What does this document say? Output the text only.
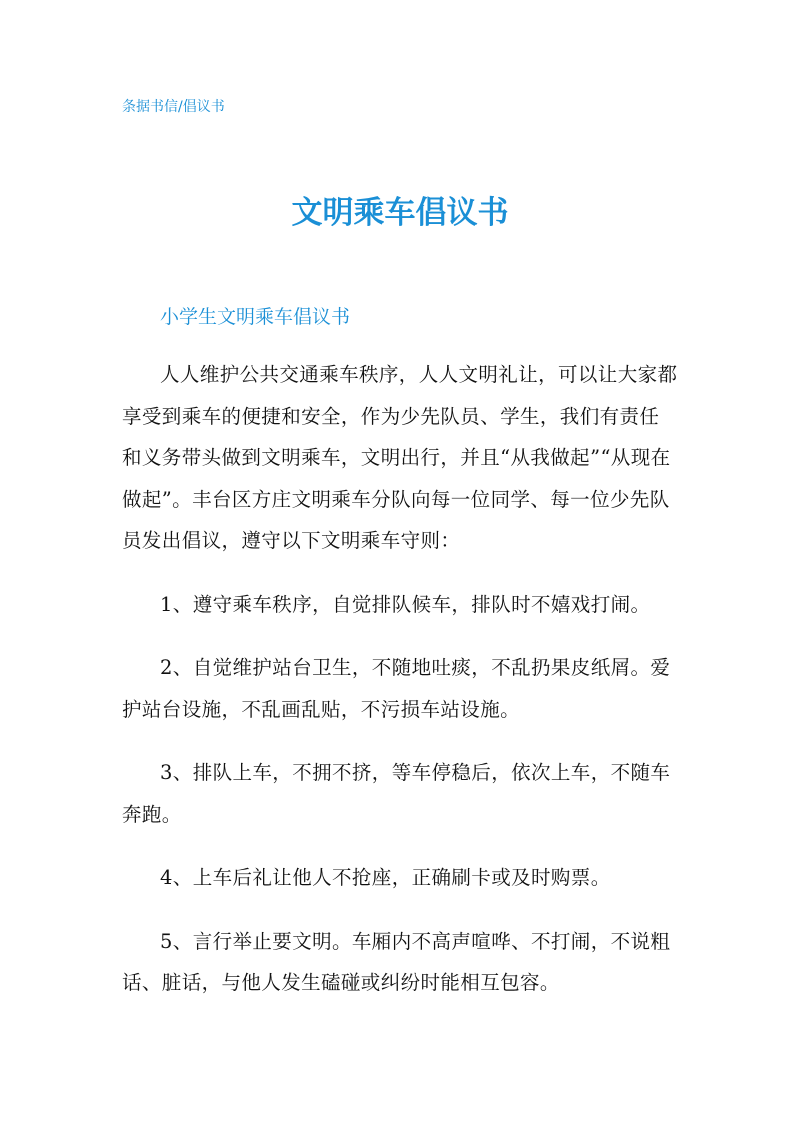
条据书信/倡议书
文明乘车倡议书
小学生文明乘车倡议书

人人维护公共交通乘车秩序，人人文明礼让，可以让大家都享受到乘车的便捷和安全，作为少先队员、学生，我们有责任和义务带头做到文明乘车，文明出行，并且“从我做起”“从现在做起”。丰台区方庄文明乘车分队向每一位同学、每一位少先队员发出倡议，遵守以下文明乘车守则：

1、遵守乘车秩序，自觉排队候车，排队时不嬉戏打闹。

2、自觉维护站台卫生，不随地吐痰，不乱扔果皮纸屑。爱护站台设施，不乱画乱贴，不污损车站设施。

3、排队上车，不拥不挤，等车停稳后，依次上车，不随车奔跑。

4、上车后礼让他人不抢座，正确刷卡或及时购票。

5、言行举止要文明。车厢内不高声喧哗、不打闹，不说粗话、脏话，与他人发生磕碰或纠纷时能相互包容。
